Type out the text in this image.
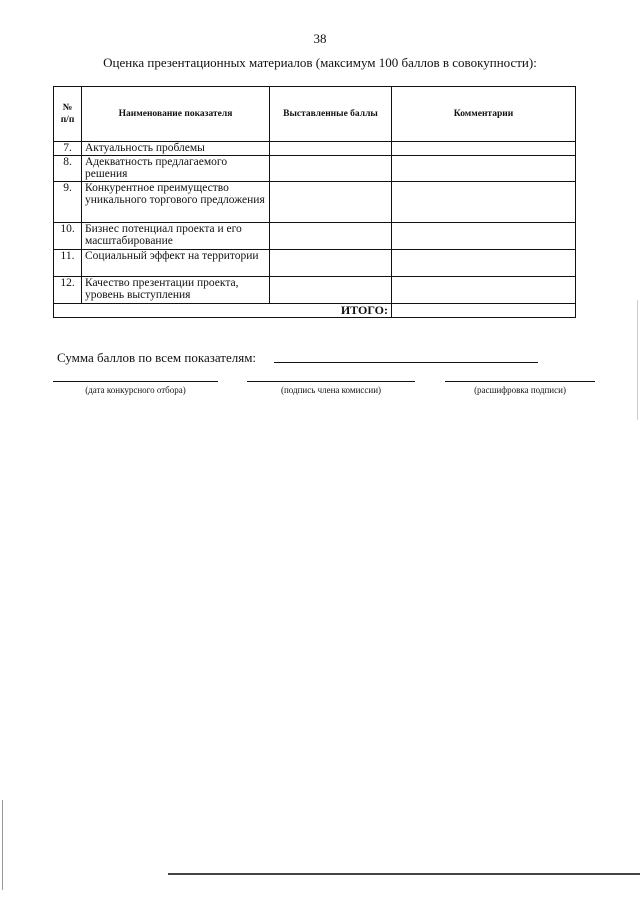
38
Оценка презентационных материалов (максимум 100 баллов в совокупности):
№
п/п	Наименование показателя	Выставленные баллы	Комментарии
7.	Актуальность проблемы		
8.	Адекватность предлагаемого решения		
9.	Конкурентное преимущество уникального торгового предложения		
10.	Бизнес потенциал проекта и его масштабирование		
11.	Социальный эффект на территории		
12.	Качество презентации проекта, уровень выступления		
ИТОГО:			
Сумма баллов по всем показателям:
(дата конкурсного отбора)	(подпись члена комиссии)	(расшифровка подписи)
